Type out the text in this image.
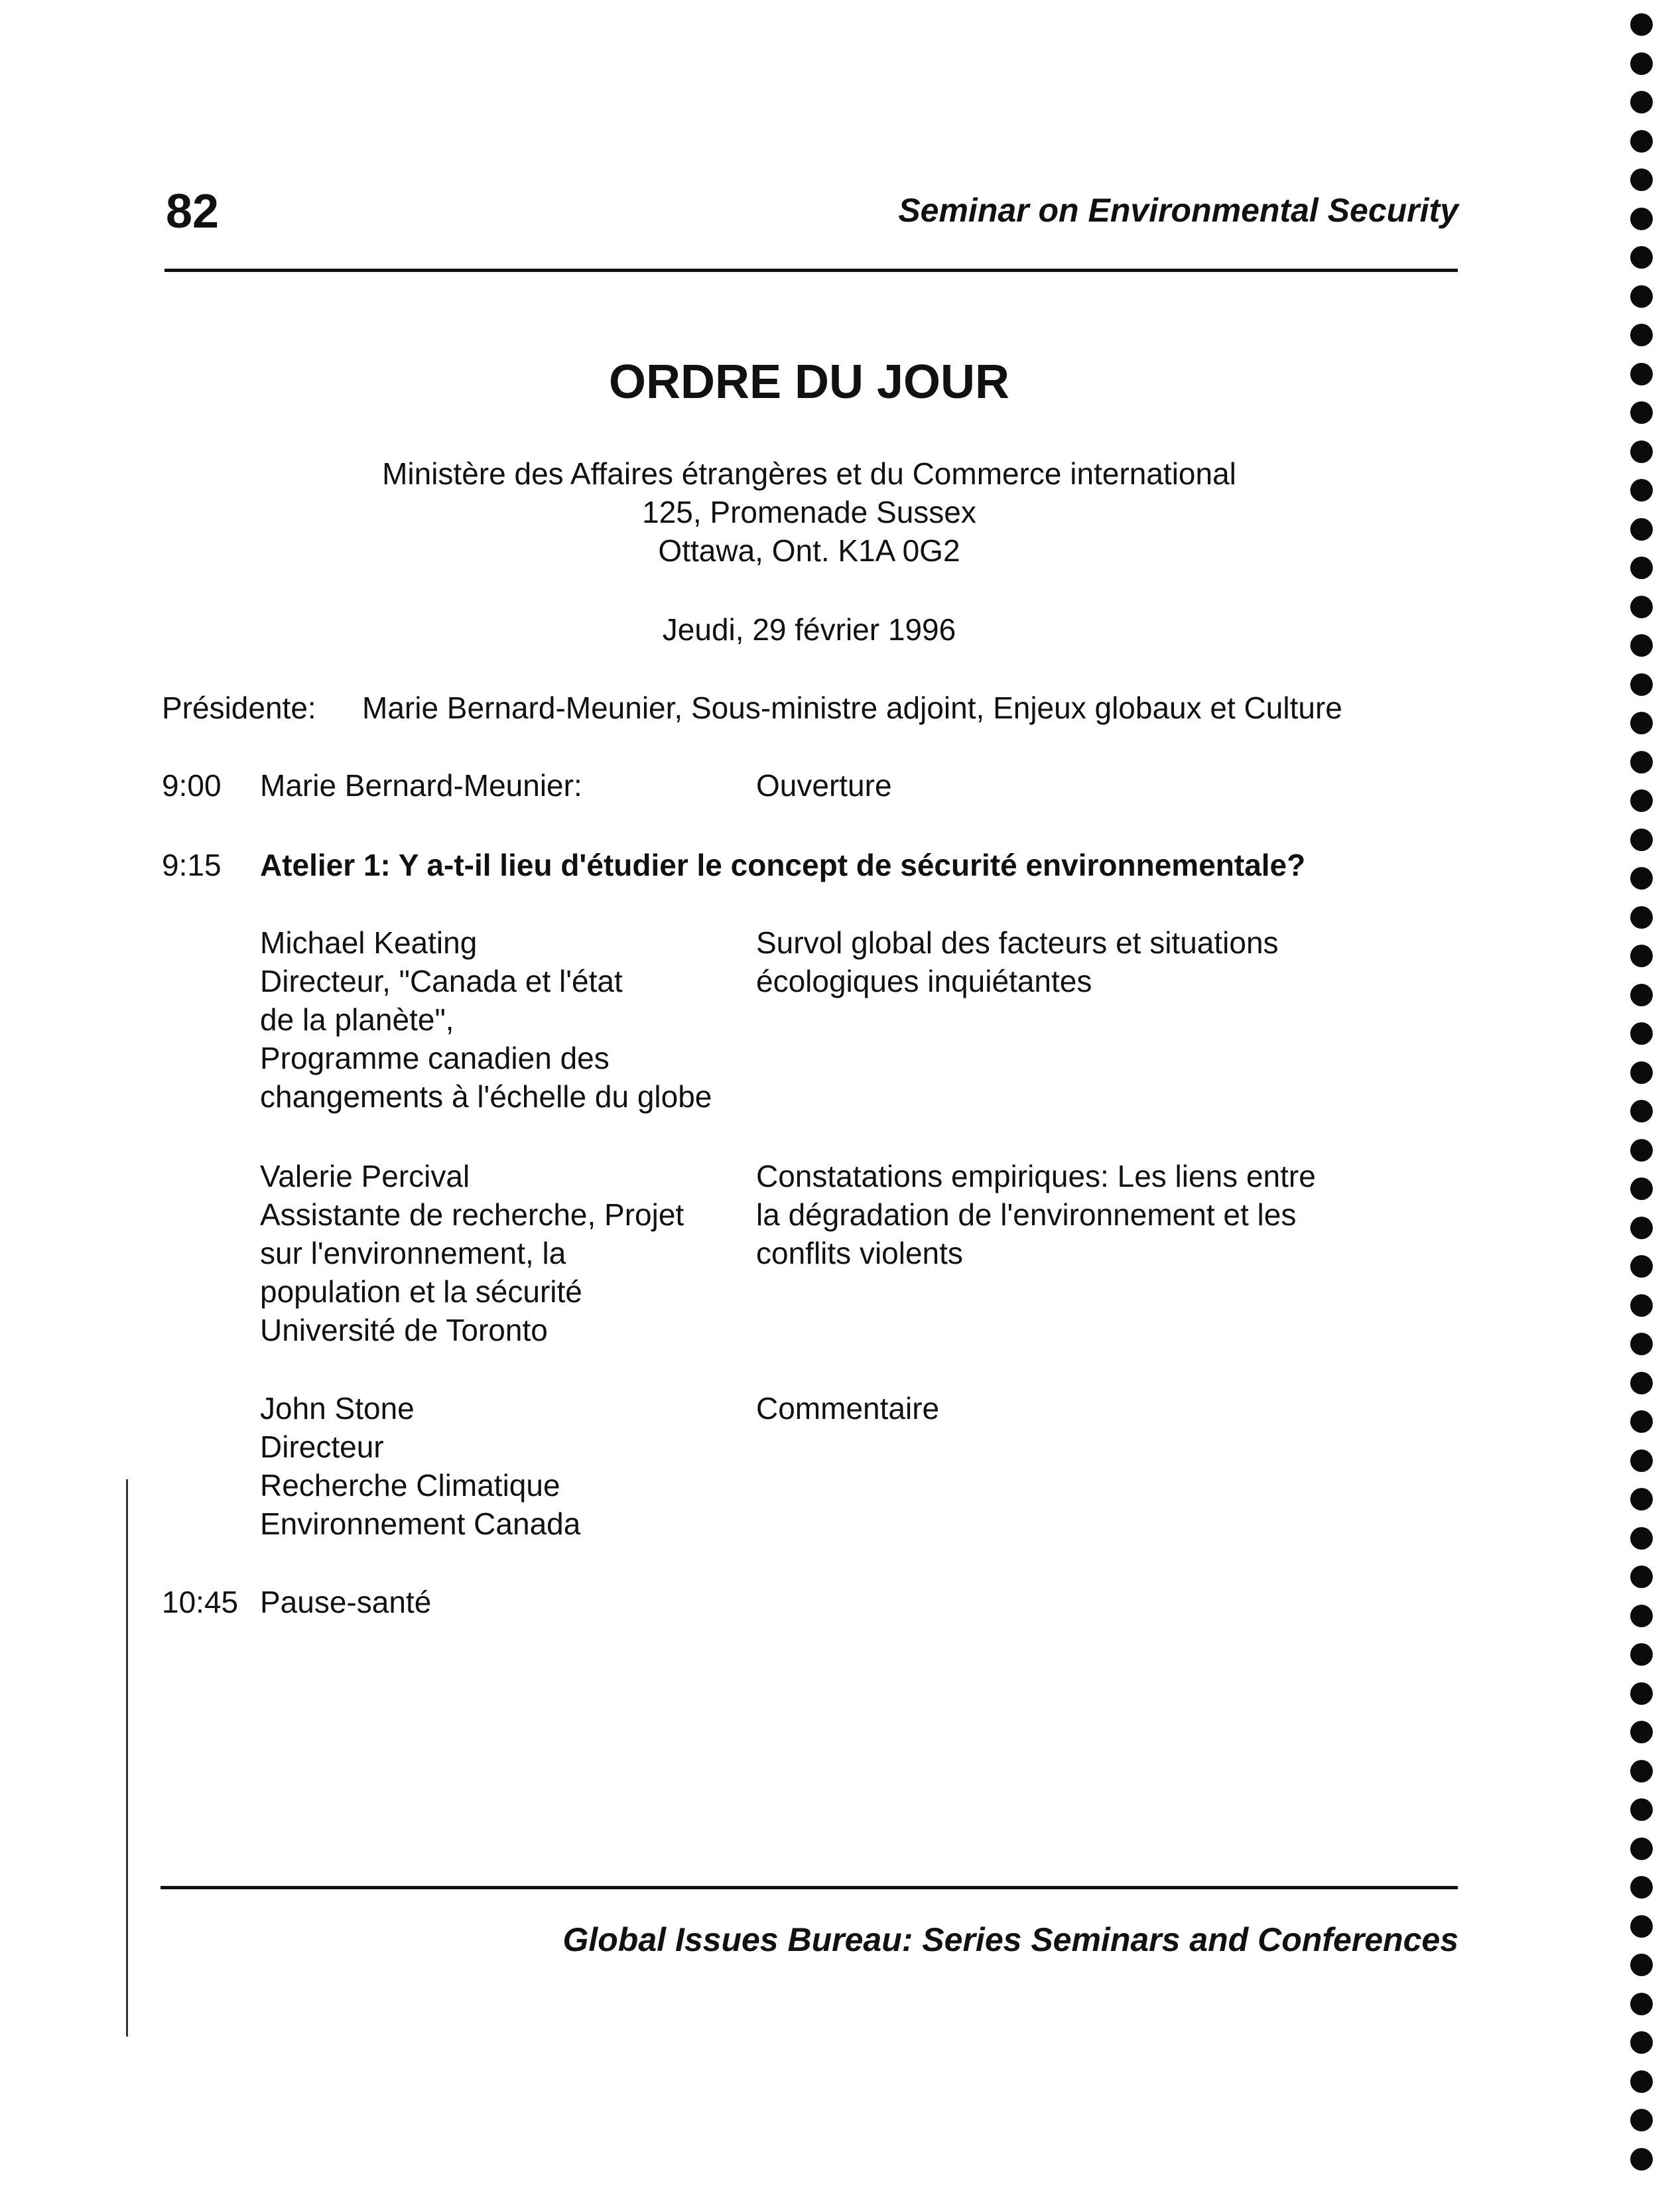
82	Seminar on Environmental Security
ORDRE DU JOUR
Ministère des Affaires étrangères et du Commerce international
125, Promenade Sussex
Ottawa, Ont. K1A 0G2
Jeudi, 29 février 1996
Présidente: Marie Bernard-Meunier, Sous-ministre adjoint, Enjeux globaux et Culture
9:00 Marie Bernard-Meunier:	Ouverture
9:15 Atelier 1: Y a-t-il lieu d'étudier le concept de sécurité environnementale?
Michael Keating
Directeur, "Canada et l'état
de la planète",
Programme canadien des
changements à l'échelle du globe
Survol global des facteurs et situations
écologiques inquiétantes
Valerie Percival
Assistante de recherche, Projet
sur l'environnement, la
population et la sécurité
Université de Toronto
Constatations empiriques: Les liens entre
la dégradation de l'environnement et les
conflits violents
John Stone
Directeur
Recherche Climatique
Environnement Canada
Commentaire
10:45 Pause-santé
Global Issues Bureau: Series Seminars and Conferences
